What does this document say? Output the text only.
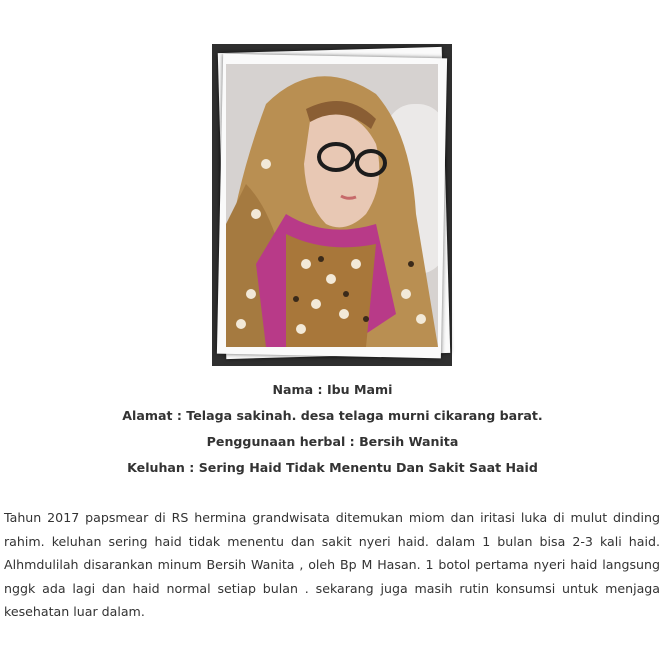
Nama : Ibu Mami
Alamat : Telaga sakinah. desa telaga murni cikarang barat.
Penggunaan herbal : Bersih Wanita
Keluhan : Sering Haid Tidak Menentu Dan Sakit Saat Haid

Tahun 2017 papsmear di RS hermina grandwisata ditemukan miom dan iritasi luka di mulut dinding rahim. keluhan sering haid tidak menentu dan sakit nyeri haid. dalam 1 bulan bisa 2-3 kali haid. Alhmdulilah disarankan minum Bersih Wanita , oleh Bp M Hasan. 1 botol pertama nyeri haid langsung nggk ada lagi dan haid normal setiap bulan . sekarang juga masih rutin konsumsi untuk menjaga kesehatan luar dalam.
